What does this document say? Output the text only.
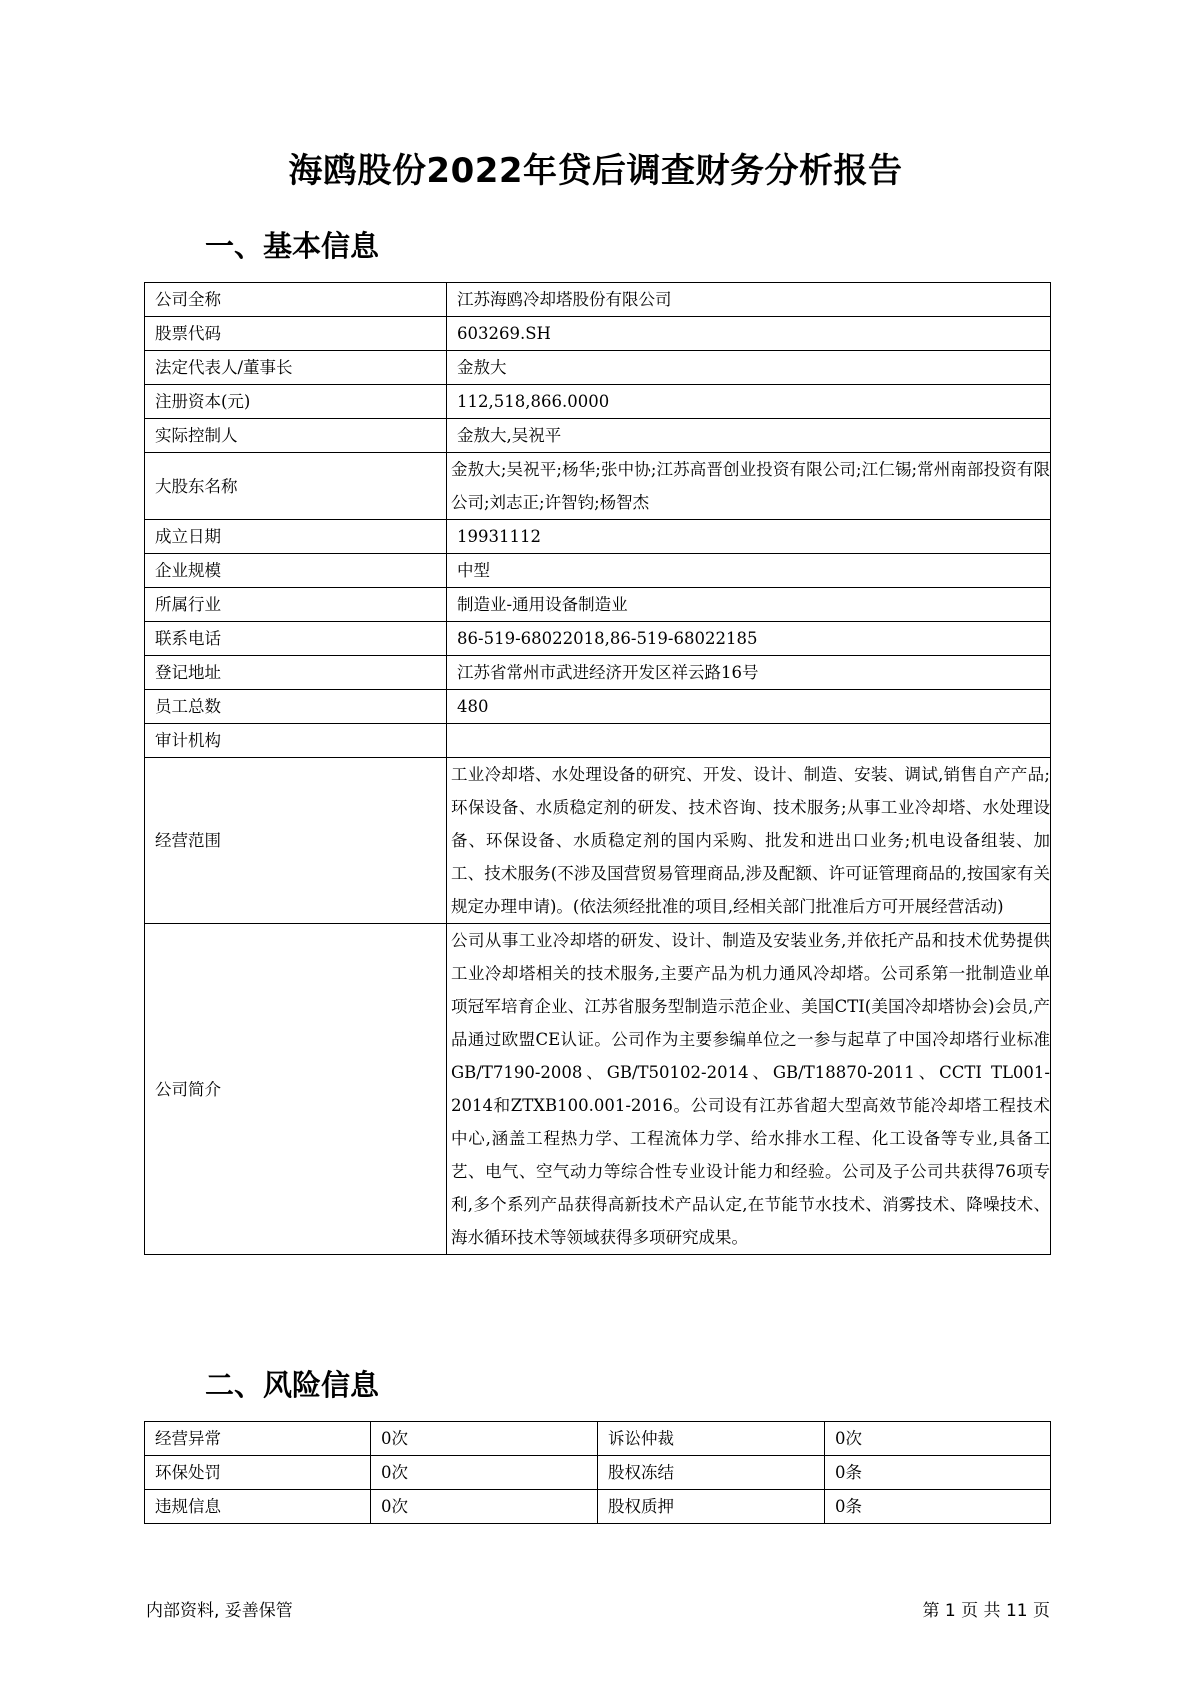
海鸥股份2022年贷后调查财务分析报告
一、基本信息
公司全称	江苏海鸥冷却塔股份有限公司
股票代码	603269.SH
法定代表人/董事长	金敖大
注册资本(元)	112,518,866.0000
实际控制人	金敖大,吴祝平
大股东名称	金敖大;吴祝平;杨华;张中协;江苏高晋创业投资有限公司;江仁锡;常州南部投资有限公司;刘志正;许智钧;杨智杰
成立日期	19931112
企业规模	中型
所属行业	制造业-通用设备制造业
联系电话	86-519-68022018,86-519-68022185
登记地址	江苏省常州市武进经济开发区祥云路16号
员工总数	480
审计机构	
经营范围	工业冷却塔、水处理设备的研究、开发、设计、制造、安装、调试,销售自产产品;环保设备、水质稳定剂的研发、技术咨询、技术服务;从事工业冷却塔、水处理设备、环保设备、水质稳定剂的国内采购、批发和进出口业务;机电设备组装、加工、技术服务(不涉及国营贸易管理商品,涉及配额、许可证管理商品的,按国家有关规定办理申请)。(依法须经批准的项目,经相关部门批准后方可开展经营活动)
公司简介	公司从事工业冷却塔的研发、设计、制造及安装业务,并依托产品和技术优势提供工业冷却塔相关的技术服务,主要产品为机力通风冷却塔。公司系第一批制造业单项冠军培育企业、江苏省服务型制造示范企业、美国CTI(美国冷却塔协会)会员,产品通过欧盟CE认证。公司作为主要参编单位之一参与起草了中国冷却塔行业标准GB/T7190-2008、GB/T50102-2014、GB/T18870-2011、CCTI TL001-2014和ZTXB100.001-2016。公司设有江苏省超大型高效节能冷却塔工程技术中心,涵盖工程热力学、工程流体力学、给水排水工程、化工设备等专业,具备工艺、电气、空气动力等综合性专业设计能力和经验。公司及子公司共获得76项专利,多个系列产品获得高新技术产品认定,在节能节水技术、消雾技术、降噪技术、海水循环技术等领域获得多项研究成果。
二、风险信息
经营异常	0次	诉讼仲裁	0次
环保处罚	0次	股权冻结	0条
违规信息	0次	股权质押	0条
内部资料, 妥善保管	第 1 页 共 11 页
